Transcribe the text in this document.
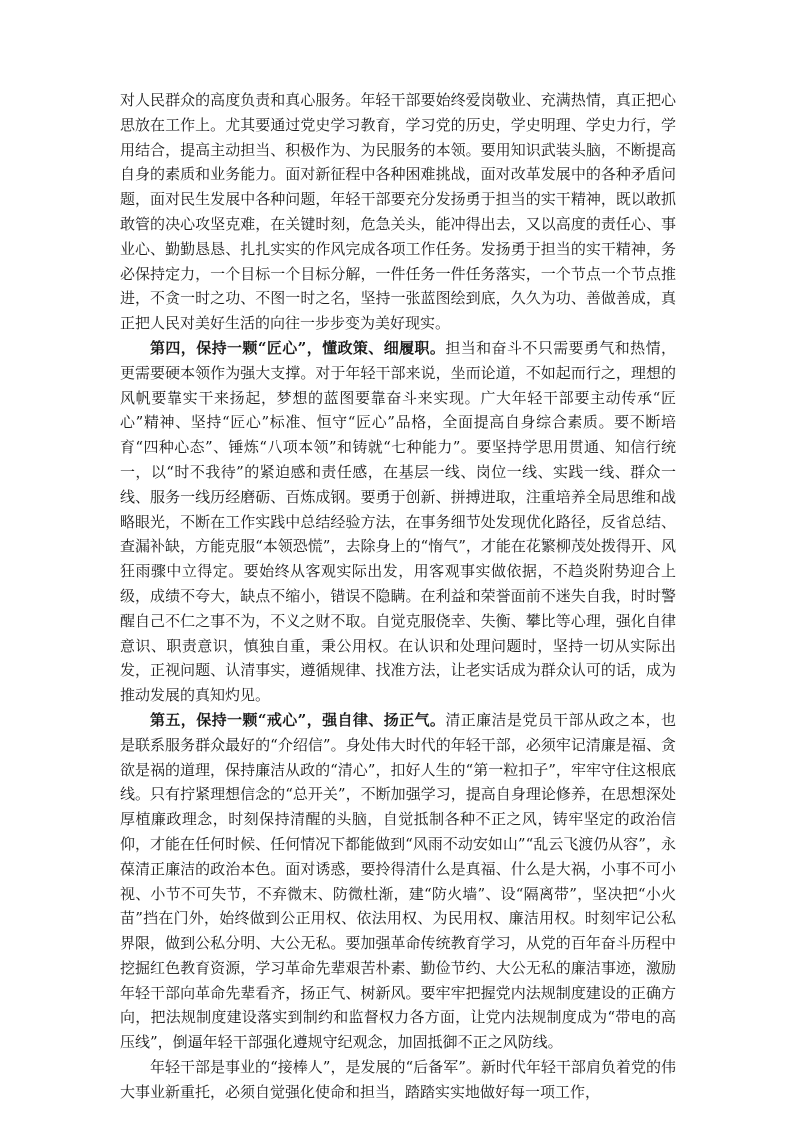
对人民群众的高度负责和真心服务。年轻干部要始终爱岗敬业、充满热情，真正把心思放在工作上。尤其要通过党史学习教育，学习党的历史，学史明理、学史力行，学用结合，提高主动担当、积极作为、为民服务的本领。要用知识武装头脑，不断提高自身的素质和业务能力。面对新征程中各种困难挑战，面对改革发展中的各种矛盾问题，面对民生发展中各种问题，年轻干部要充分发扬勇于担当的实干精神，既以敢抓敢管的决心攻坚克难，在关键时刻，危急关头，能冲得出去，又以高度的责任心、事业心、勤勤恳恳、扎扎实实的作风完成各项工作任务。发扬勇于担当的实干精神，务必保持定力，一个目标一个目标分解，一件任务一件任务落实，一个节点一个节点推进，不贪一时之功、不图一时之名，坚持一张蓝图绘到底，久久为功、善做善成，真正把人民对美好生活的向往一步步变为美好现实。

第四，保持一颗“匠心”，懂政策、细履职。担当和奋斗不只需要勇气和热情，更需要硬本领作为强大支撑。对于年轻干部来说，坐而论道，不如起而行之，理想的风帆要靠实干来扬起，梦想的蓝图要靠奋斗来实现。广大年轻干部要主动传承“匠心”精神、坚持“匠心”标准、恒守“匠心”品格，全面提高自身综合素质。要不断培育“四种心态”、锤炼“八项本领”和铸就“七种能力”。要坚持学思用贯通、知信行统一，以“时不我待”的紧迫感和责任感，在基层一线、岗位一线、实践一线、群众一线、服务一线历经磨砺、百炼成钢。要勇于创新、拼搏进取，注重培养全局思维和战略眼光，不断在工作实践中总结经验方法，在事务细节处发现优化路径，反省总结、查漏补缺，方能克服“本领恐慌”，去除身上的“惰气”，才能在花繁柳茂处拨得开、风狂雨骤中立得定。要始终从客观实际出发，用客观事实做依据，不趋炎附势迎合上级，成绩不夸大，缺点不缩小，错误不隐瞒。在利益和荣誉面前不迷失自我，时时警醒自己不仁之事不为，不义之财不取。自觉克服侥幸、失衡、攀比等心理，强化自律意识、职责意识，慎独自重，秉公用权。在认识和处理问题时，坚持一切从实际出发，正视问题、认清事实，遵循规律、找准方法，让老实话成为群众认可的话，成为推动发展的真知灼见。

第五，保持一颗“戒心”，强自律、扬正气。清正廉洁是党员干部从政之本，也是联系服务群众最好的“介绍信”。身处伟大时代的年轻干部，必须牢记清廉是福、贪欲是祸的道理，保持廉洁从政的“清心”，扣好人生的“第一粒扣子”，牢牢守住这根底线。只有拧紧理想信念的“总开关”，不断加强学习，提高自身理论修养，在思想深处厚植廉政理念，时刻保持清醒的头脑，自觉抵制各种不正之风，铸牢坚定的政治信仰，才能在任何时候、任何情况下都能做到“风雨不动安如山”“乱云飞渡仍从容”，永葆清正廉洁的政治本色。面对诱惑，要拎得清什么是真福、什么是大祸，小事不可小视、小节不可失节，不弃微末、防微杜渐，建“防火墙”、设“隔离带”，坚决把“小火苗”挡在门外，始终做到公正用权、依法用权、为民用权、廉洁用权。时刻牢记公私界限，做到公私分明、大公无私。要加强革命传统教育学习，从党的百年奋斗历程中挖掘红色教育资源，学习革命先辈艰苦朴素、勤俭节约、大公无私的廉洁事迹，激励年轻干部向革命先辈看齐，扬正气、树新风。要牢牢把握党内法规制度建设的正确方向，把法规制度建设落实到制约和监督权力各方面，让党内法规制度成为“带电的高压线”，倒逼年轻干部强化遵规守纪观念，加固抵御不正之风防线。

年轻干部是事业的“接棒人”，是发展的“后备军”。新时代年轻干部肩负着党的伟大事业新重托，必须自觉强化使命和担当，踏踏实实地做好每一项工作，
